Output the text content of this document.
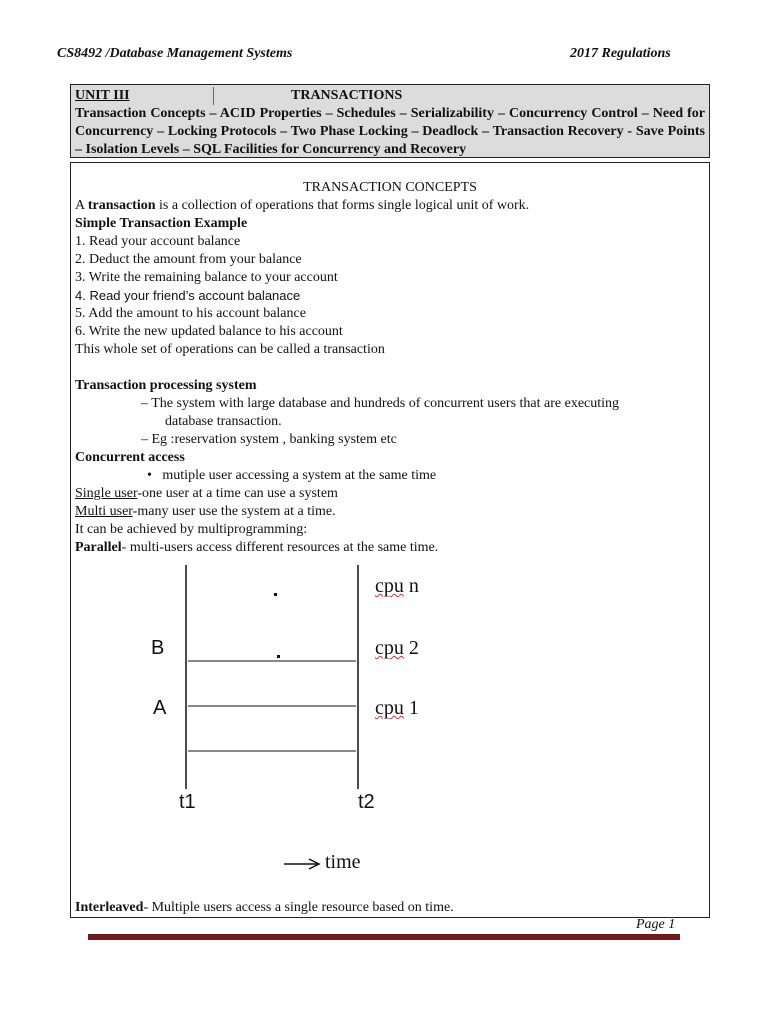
CS8492 /Database Management Systems	2017 Regulations
UNIT III	TRANSACTIONS
Transaction Concepts – ACID Properties – Schedules – Serializability – Concurrency Control – Need for Concurrency – Locking Protocols – Two Phase Locking – Deadlock – Transaction Recovery - Save Points – Isolation Levels – SQL Facilities for Concurrency and Recovery
TRANSACTION CONCEPTS
A transaction is a collection of operations that forms single logical unit of work.
Simple Transaction Example
1. Read your account balance
2. Deduct the amount from your balance
3. Write the remaining balance to your account
4. Read your friend’s account balanace
5. Add the amount to his account balance
6. Write the new updated balance to his account
This whole set of operations can be called a transaction
Transaction processing system
– The system with large database and hundreds of concurrent users that are executing
database transaction.
– Eg :reservation system , banking system etc
Concurrent access
•   mutiple user accessing a system at the same time
Single user-one user at a time can use a system
Multi user-many user use the system at a time.
It can be achieved by multiprogramming:
Parallel- multi-users access different resources at the same time.
B
A
cpu n
cpu 2
cpu 1
t1	t2
time
Interleaved- Multiple users access a single resource based on time.
Page 1
